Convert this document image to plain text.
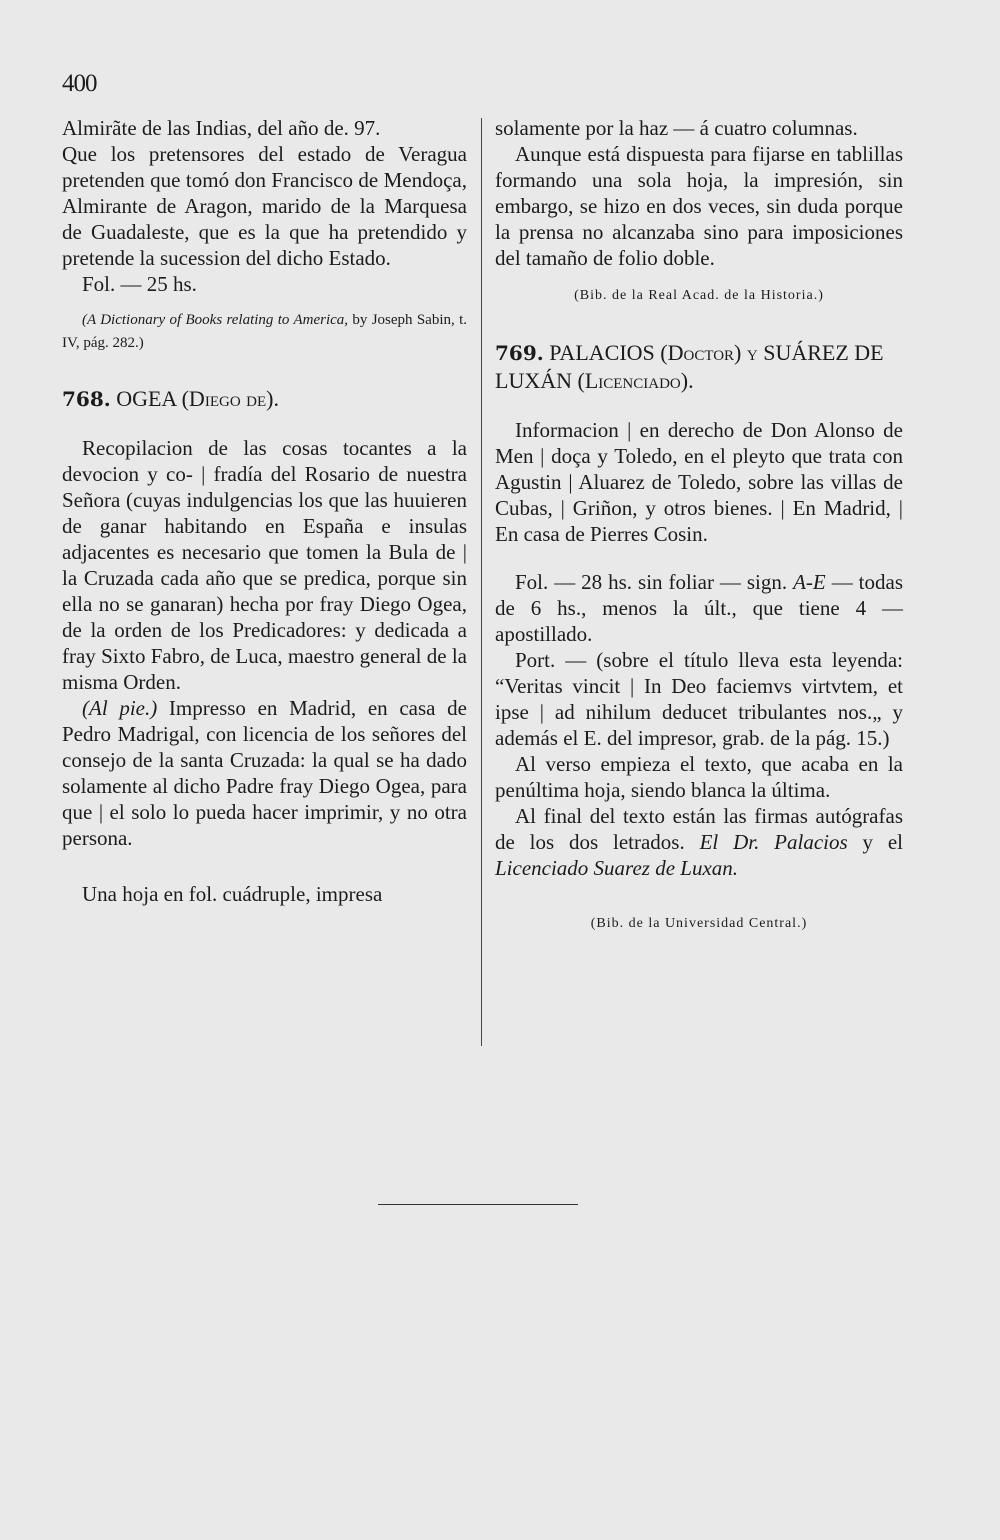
400

Almirãte de las Indias, del año de. 97.

Que los pretensores del estado de Veragua pretenden que tomó don Francisco de Mendoça, Almirante de Aragon, marido de la Marquesa de Guadaleste, que es la que ha pretendido y pretende la sucession del dicho Estado.

Fol. — 25 hs.

(A Dictionary of Books relating to America, by Joseph Sabin, t. IV, pág. 282.)

768. OGEA (Diego de).

Recopilacion de las cosas tocantes a la devocion y co- | fradía del Rosario de nuestra Señora (cuyas indulgencias los que las huuieren de ganar habitando en España e insulas adjacentes es necesario que tomen la Bula de | la Cruzada cada año que se predica, porque sin ella no se ganaran) hecha por fray Diego Ogea, de la orden de los Predicadores: y dedicada a fray Sixto Fabro, de Luca, maestro general de la misma Orden.

(Al pie.) Impresso en Madrid, en casa de Pedro Madrigal, con licencia de los señores del consejo de la santa Cruzada: la qual se ha dado solamente al dicho Padre fray Diego Ogea, para que | el solo lo pueda hacer imprimir, y no otra persona.

Una hoja en fol. cuádruple, impresa

solamente por la haz — á cuatro columnas.

Aunque está dispuesta para fijarse en tablillas formando una sola hoja, la impresión, sin embargo, se hizo en dos veces, sin duda porque la prensa no alcanzaba sino para imposiciones del tamaño de folio doble.

(Bib. de la Real Acad. de la Historia.)

769. PALACIOS (Doctor) y SUÁREZ DE LUXÁN (Licenciado).

Informacion | en derecho de Don Alonso de Men | doça y Toledo, en el pleyto que trata con Agustin | Aluarez de Toledo, sobre las villas de Cubas, | Griñon, y otros bienes. | En Madrid, | En casa de Pierres Cosin.

Fol. — 28 hs. sin foliar — sign. A-E — todas de 6 hs., menos la últ., que tiene 4 — apostillado.

Port. — (sobre el título lleva esta leyenda: “Veritas vincit | In Deo faciemvs virtvtem, et ipse | ad nihilum deducet tribulantes nos.„ y además el E. del impresor, grab. de la pág. 15.)

Al verso empieza el texto, que acaba en la penúltima hoja, siendo blanca la última.

Al final del texto están las firmas autógrafas de los dos letrados. El Dr. Palacios y el Licenciado Suarez de Luxan.

(Bib. de la Universidad Central.)
